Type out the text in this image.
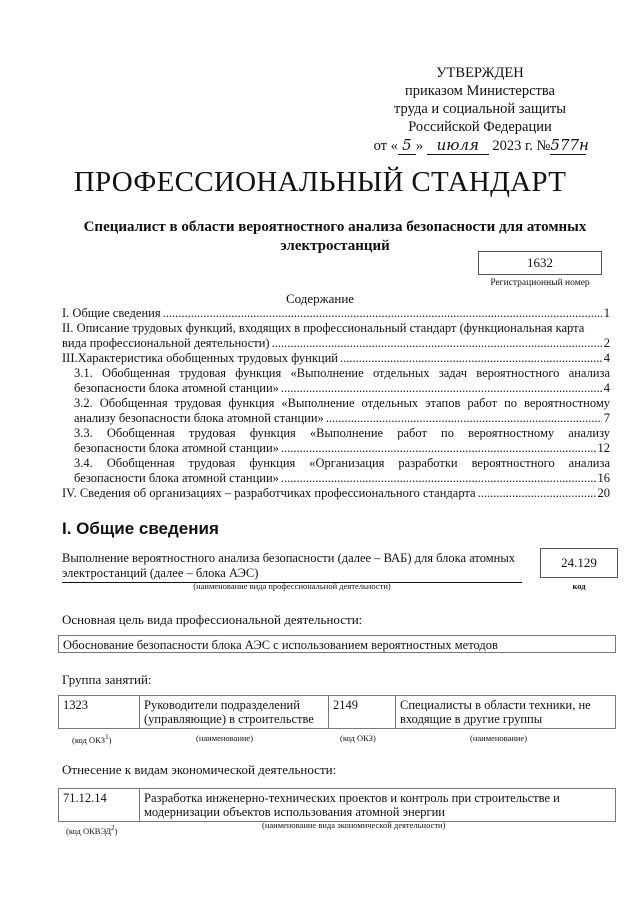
УТВЕРЖДЕН
приказом Министерства
труда и социальной защиты
Российской Федерации
от « 5 » июля 2023 г. №577н
ПРОФЕССИОНАЛЬНЫЙ СТАНДАРТ
Специалист в области вероятностного анализа безопасности для атомных электростанций
1632
Регистрационный номер
Содержание
I. Общие сведения .....	1
II. Описание трудовых функций, входящих в профессиональный стандарт (функциональная карта
вида профессиональной деятельности) .....	2
III.Характеристика обобщенных трудовых функций .....	4
3.1. Обобщенная трудовая функция «Выполнение отдельных задач вероятностного анализа
безопасности блока атомной станции» .....	4
3.2. Обобщенная трудовая функция «Выполнение отдельных этапов работ по вероятностному
анализу безопасности блока атомной станции» .....	7
3.3. Обобщенная трудовая функция «Выполнение работ по вероятностному анализу
безопасности блока атомной станции» .....	12
3.4. Обобщенная трудовая функция «Организация разработки вероятностного анализа
безопасности блока атомной станции» .....	16
IV. Сведения об организациях – разработчиках профессионального стандарта .....	20
I. Общие сведения
Выполнение вероятностного анализа безопасности (далее – ВАБ) для блока атомных электростанций (далее – блока АЭС)
24.129
(наименование вида профессиональной деятельности)	код
Основная цель вида профессиональной деятельности:
Обоснование безопасности блока АЭС с использованием вероятностных методов
Группа занятий:
1323	Руководители подразделений (управляющие) в строительстве	2149	Специалисты в области техники, не входящие в другие группы
(код ОКЗ$^1$)	(наименование)	(код ОКЗ)	(наименование)
Отнесение к видам экономической деятельности:
71.12.14	Разработка инженерно-технических проектов и контроль при строительстве и модернизации объектов использования атомной энергии
(код ОКВЭД$^2$)
(наименование вида экономической деятельности)
